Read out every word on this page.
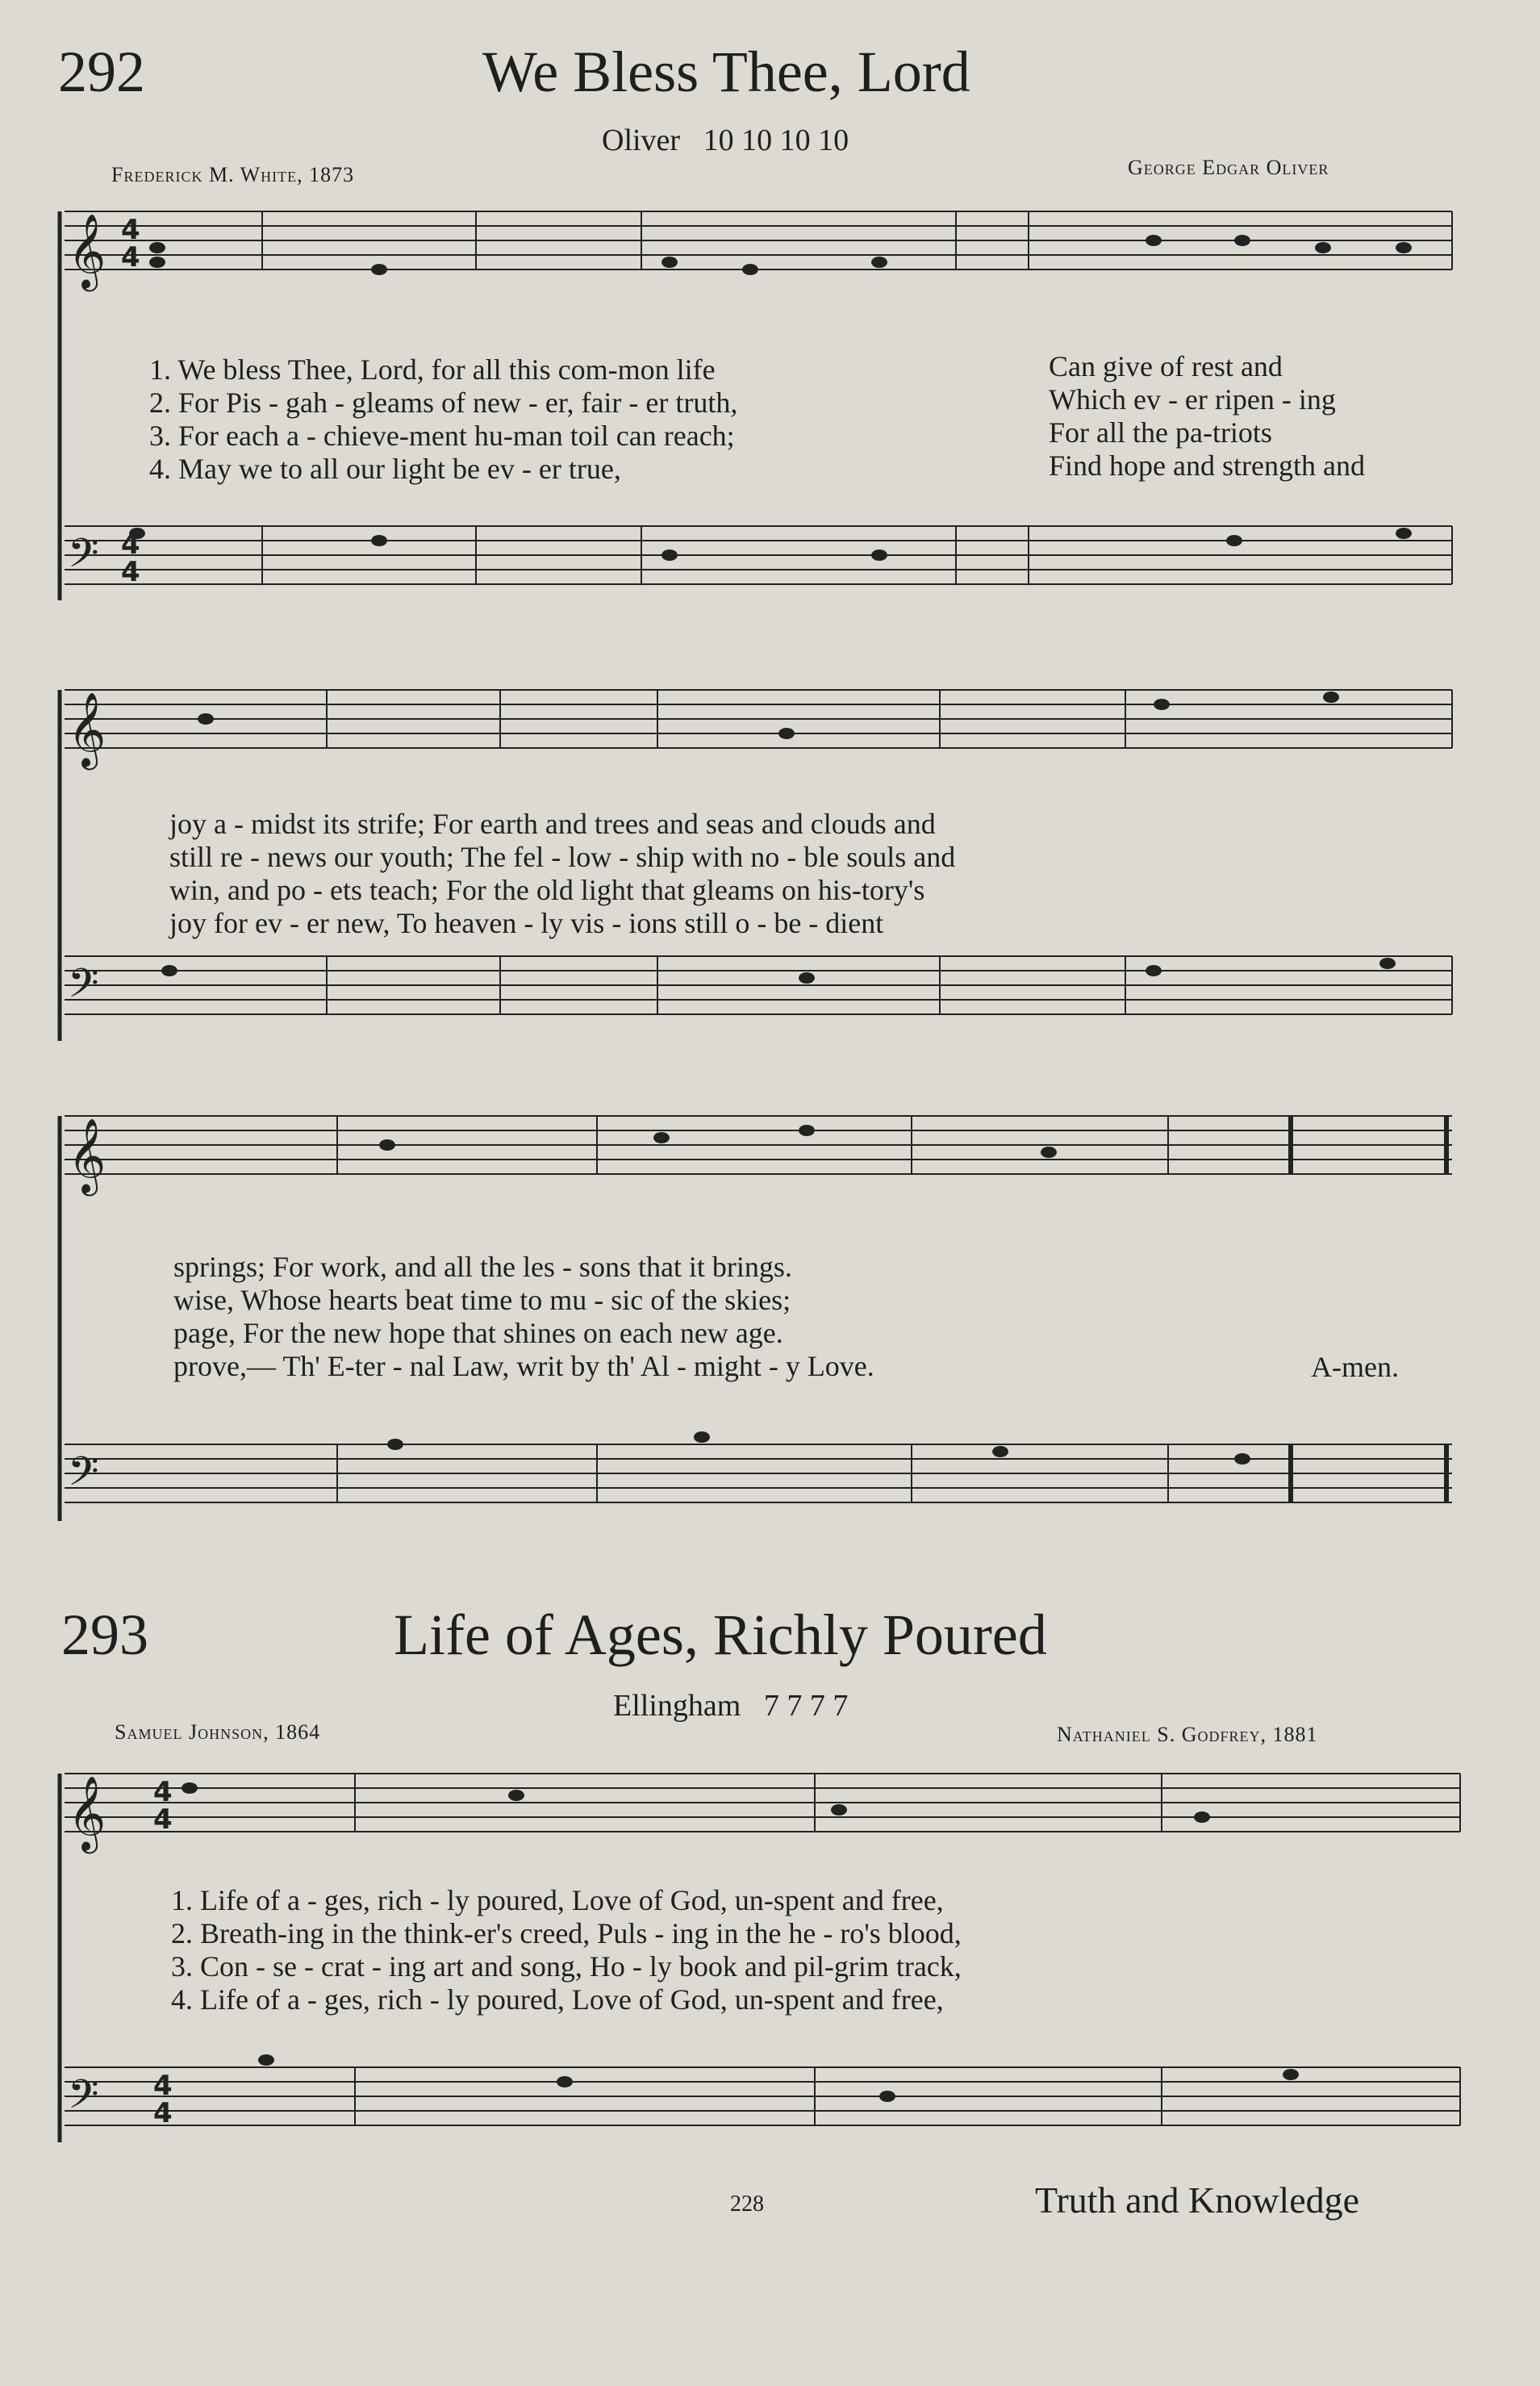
292	We Bless Thee, Lord
Oliver 10 10 10 10
Frederick M. White, 1873	George Edgar Oliver
𝄞 4
4
𝄢 4
4
𝄞
𝄢
𝄞
𝄢
𝄞 4
4
𝄢 4
4
1. We bless Thee, Lord, for all this com-mon life
2. For Pis - gah - gleams of new - er, fair - er truth,
3. For each a - chieve-ment hu-man toil can reach;
4. May we to all our light be ev - er true,
Can give of rest and
Which ev - er ripen - ing
For all the pa-triots
Find hope and strength and
joy a - midst its strife; For earth and trees and seas and clouds and
still re - news our youth; The fel - low - ship with no - ble souls and
win, and po - ets teach; For the old light that gleams on his-tory's
joy for ev - er new, To heaven - ly vis - ions still o - be - dient
springs; For work, and all the les - sons that it brings.
wise, Whose hearts beat time to mu - sic of the skies;
page, For the new hope that shines on each new age.
prove,— Th' E-ter - nal Law, writ by th' Al - might - y Love.	A-men.
293	Life of Ages, Richly Poured
Ellingham 7 7 7 7
Samuel Johnson, 1864	Nathaniel S. Godfrey, 1881
1. Life of a - ges, rich - ly poured, Love of God, un-spent and free,
2. Breath-ing in the think-er's creed, Puls - ing in the he - ro's blood,
3. Con - se - crat - ing art and song, Ho - ly book and pil-grim track,
4. Life of a - ges, rich - ly poured, Love of God, un-spent and free,
228	Truth and Knowledge
